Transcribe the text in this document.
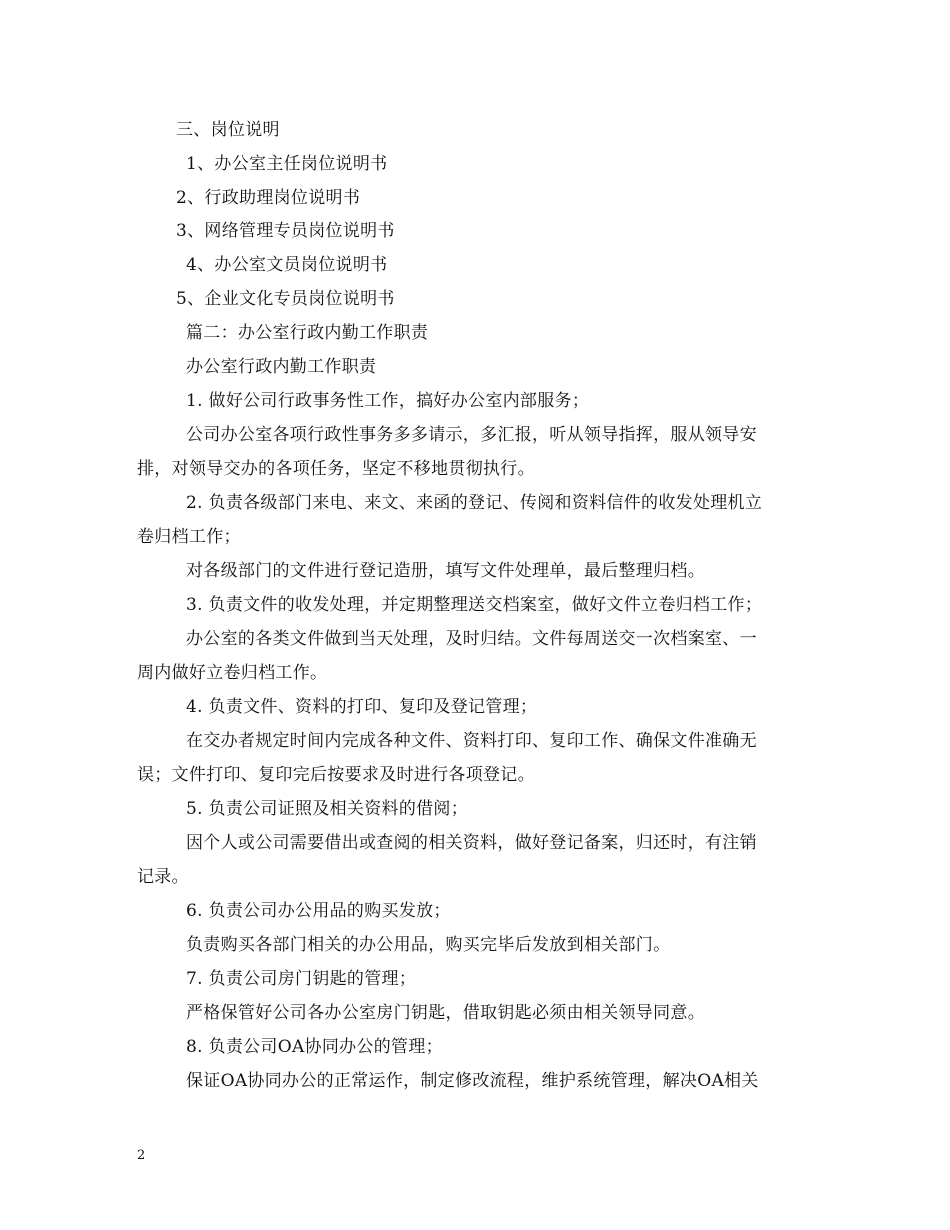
三、岗位说明
1、办公室主任岗位说明书
2、行政助理岗位说明书
3、网络管理专员岗位说明书
4、办公室文员岗位说明书
5、企业文化专员岗位说明书
篇二：办公室行政内勤工作职责
办公室行政内勤工作职责
1. 做好公司行政事务性工作，搞好办公室内部服务；
公司办公室各项行政性事务多多请示，多汇报，听从领导指挥，服从领导安
排，对领导交办的各项任务，坚定不移地贯彻执行。
2. 负责各级部门来电、来文、来函的登记、传阅和资料信件的收发处理机立
卷归档工作；
对各级部门的文件进行登记造册，填写文件处理单，最后整理归档。
3. 负责文件的收发处理，并定期整理送交档案室，做好文件立卷归档工作；
办公室的各类文件做到当天处理，及时归结。文件每周送交一次档案室、一
周内做好立卷归档工作。
4. 负责文件、资料的打印、复印及登记管理；
在交办者规定时间内完成各种文件、资料打印、复印工作、确保文件准确无
误；文件打印、复印完后按要求及时进行各项登记。
5. 负责公司证照及相关资料的借阅；
因个人或公司需要借出或查阅的相关资料，做好登记备案，归还时，有注销
记录。
6. 负责公司办公用品的购买发放；
负责购买各部门相关的办公用品，购买完毕后发放到相关部门。
7. 负责公司房门钥匙的管理；
严格保管好公司各办公室房门钥匙，借取钥匙必须由相关领导同意。
8. 负责公司OA协同办公的管理；
保证OA协同办公的正常运作，制定修改流程，维护系统管理，解决OA相关
2
